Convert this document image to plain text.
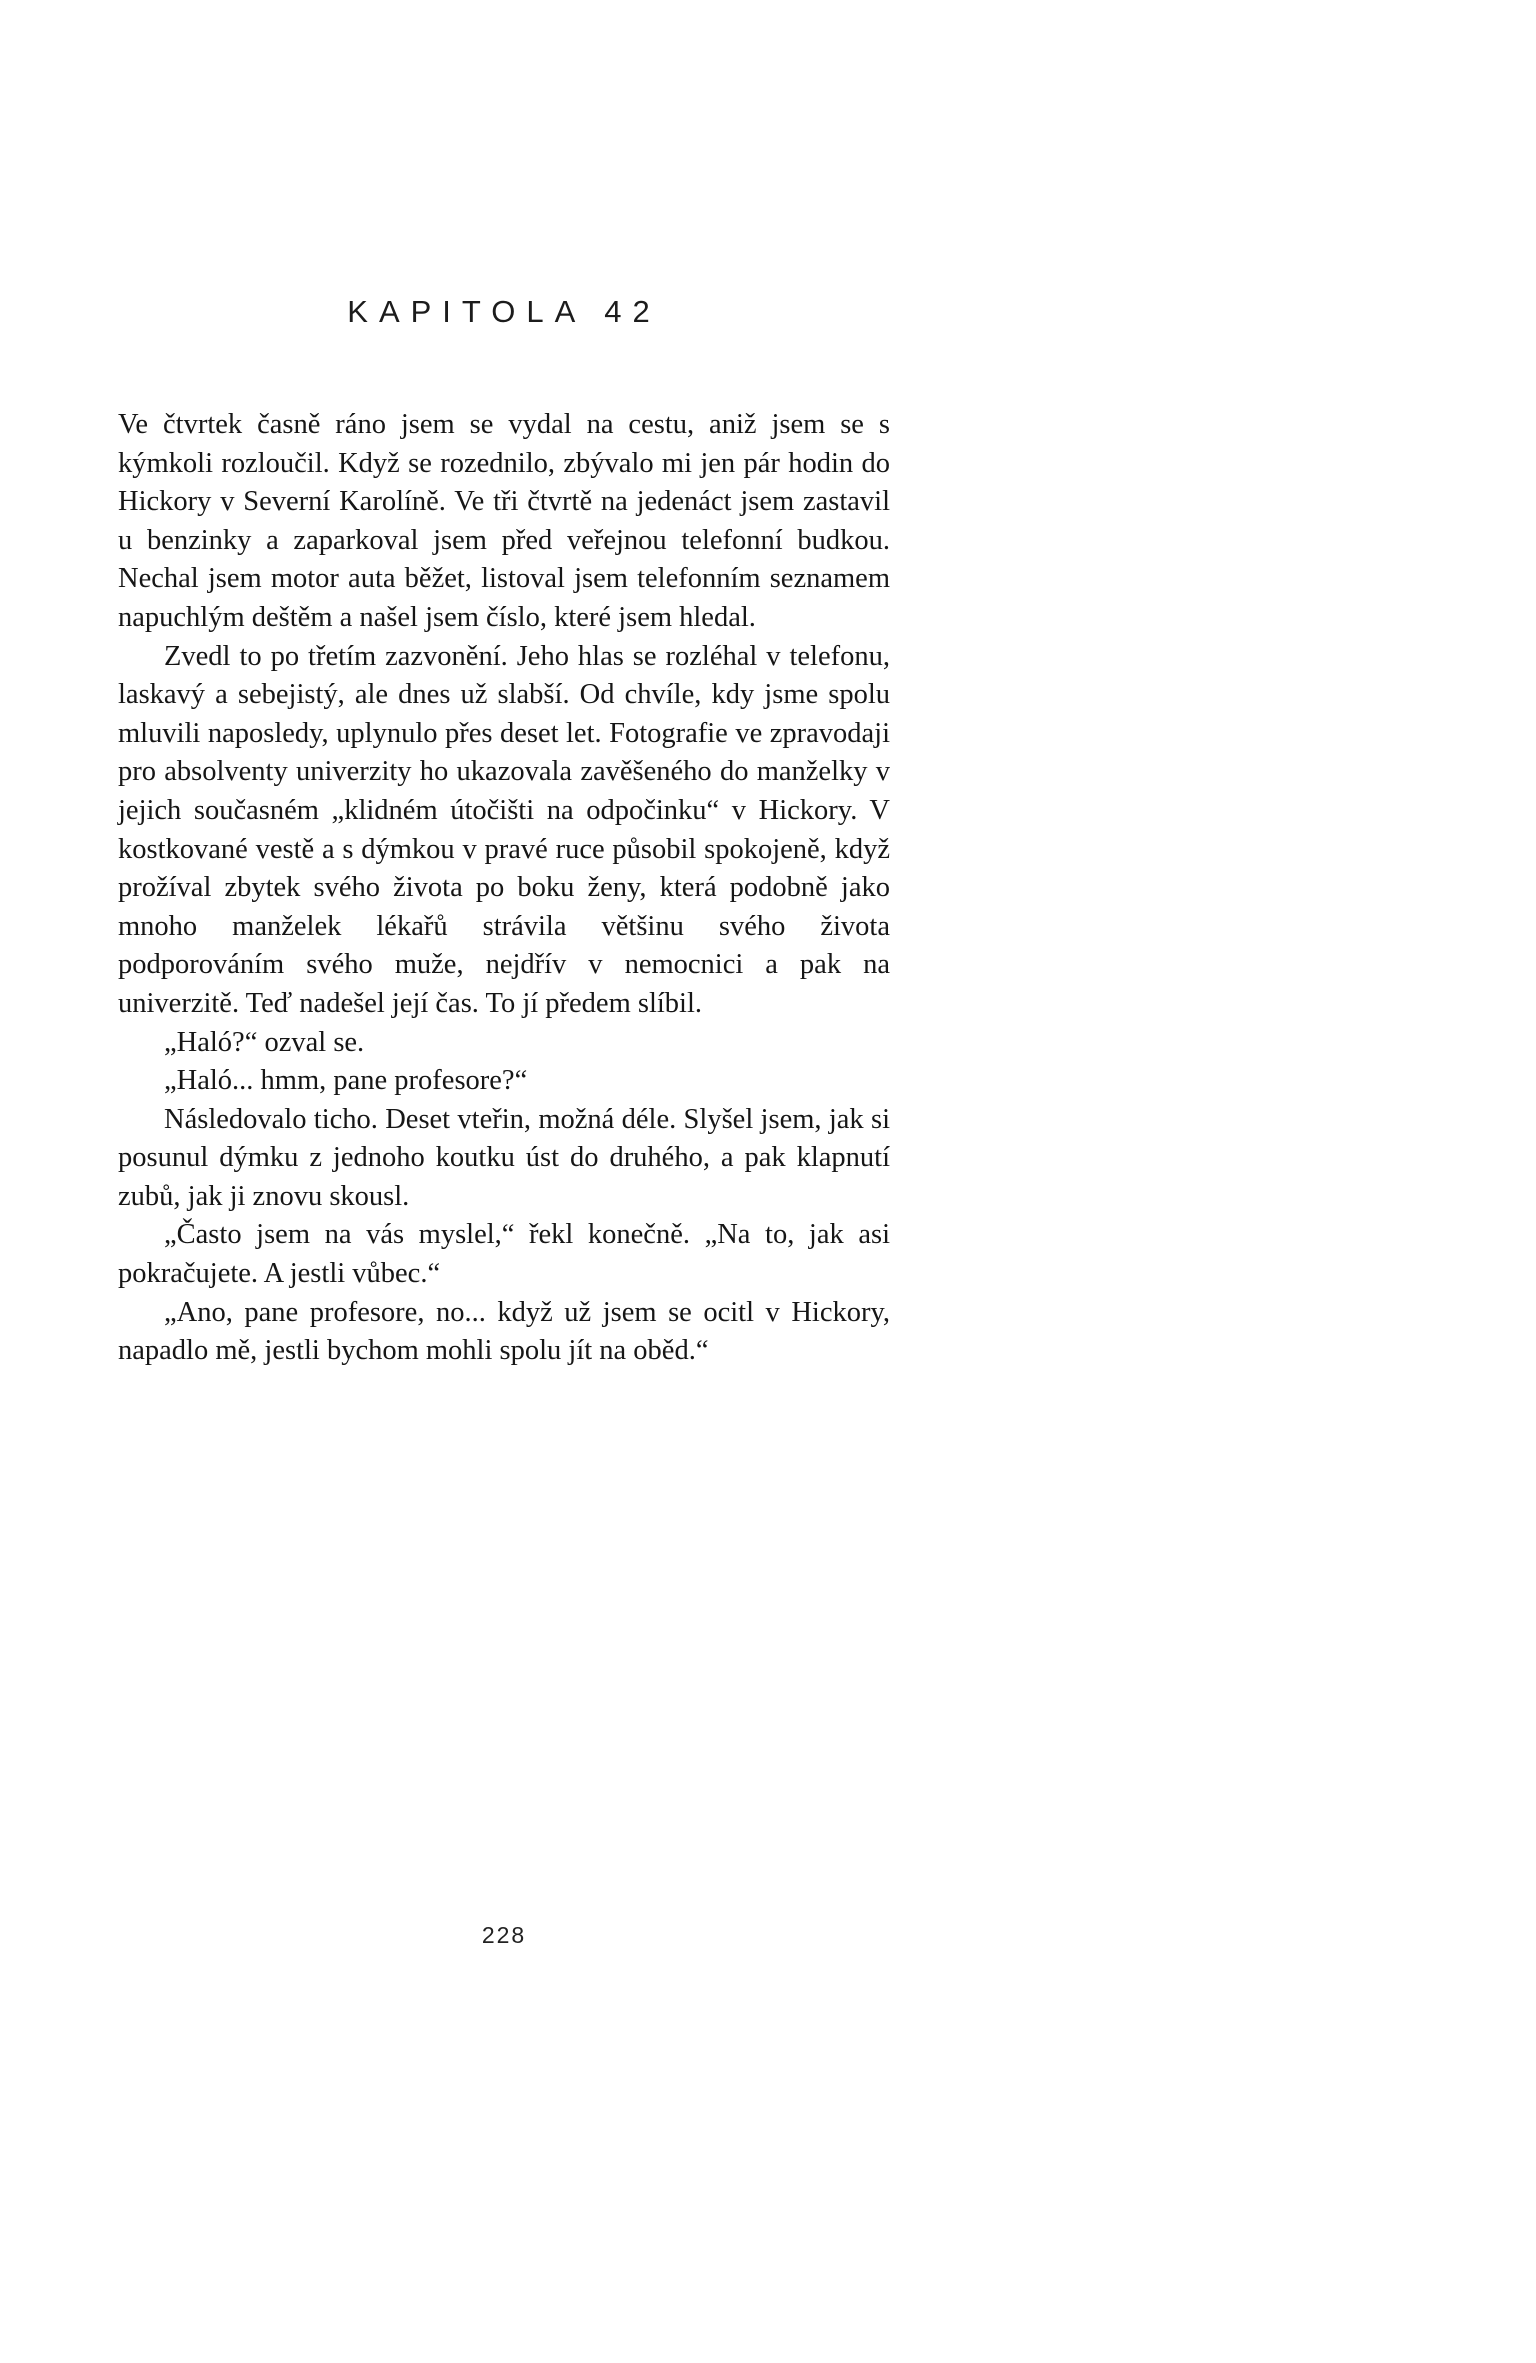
KAPITOLA 42

Ve čtvrtek časně ráno jsem se vydal na cestu, aniž jsem se s kýmkoli rozloučil. Když se rozednilo, zbývalo mi jen pár hodin do Hickory v Severní Karolíně. Ve tři čtvrtě na jedenáct jsem zastavil u benzinky a zaparkoval jsem před veřejnou telefonní budkou. Nechal jsem motor auta běžet, listoval jsem telefonním seznamem napuchlým deštěm a našel jsem číslo, které jsem hledal.

Zvedl to po třetím zazvonění. Jeho hlas se rozléhal v telefonu, laskavý a sebejistý, ale dnes už slabší. Od chvíle, kdy jsme spolu mluvili naposledy, uplynulo přes deset let. Fotografie ve zpravodaji pro absolventy univerzity ho ukazovala zavěšeného do manželky v jejich současném „klidném útočišti na odpočinku“ v Hickory. V kostkované vestě a s dýmkou v pravé ruce působil spokojeně, když prožíval zbytek svého života po boku ženy, která podobně jako mnoho manželek lékařů strávila většinu svého života podporováním svého muže, nejdřív v nemocnici a pak na univerzitě. Teď nadešel její čas. To jí předem slíbil.

„Haló?“ ozval se.

„Haló... hmm, pane profesore?“

Následovalo ticho. Deset vteřin, možná déle. Slyšel jsem, jak si posunul dýmku z jednoho koutku úst do druhého, a pak klapnutí zubů, jak ji znovu skousl.

„Často jsem na vás myslel,“ řekl konečně. „Na to, jak asi pokračujete. A jestli vůbec.“

„Ano, pane profesore, no... když už jsem se ocitl v Hickory, napadlo mě, jestli bychom mohli spolu jít na oběd.“

228
